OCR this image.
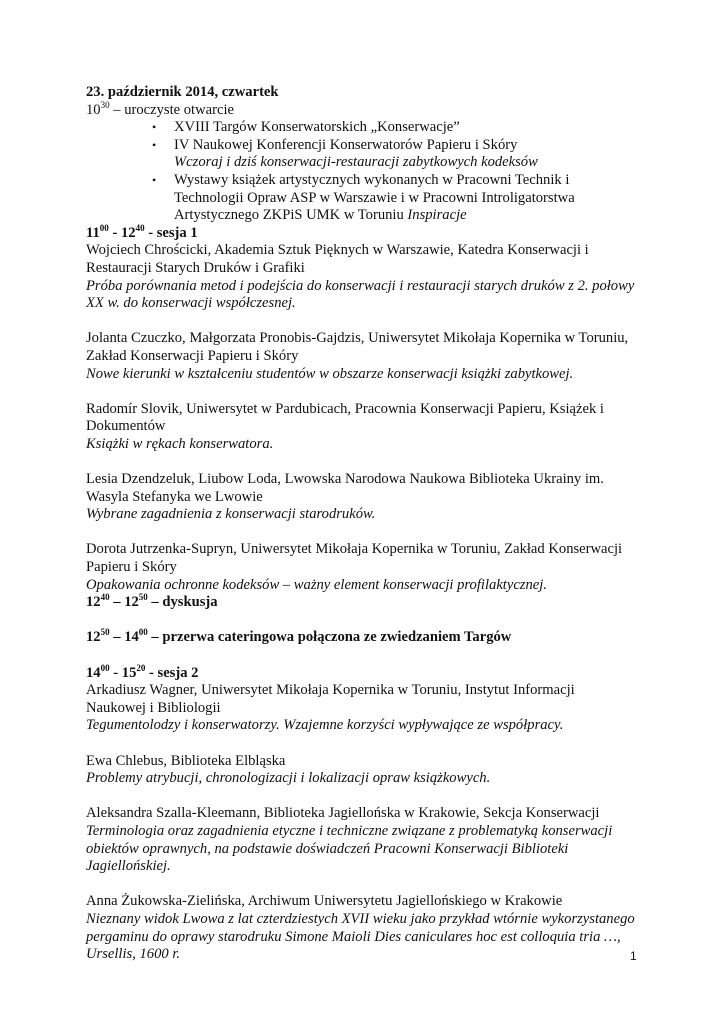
23. październik 2014, czwartek
$10^{30}$ – uroczyste otwarcie
• XVIII Targów Konserwatorskich „Konserwacje”
• IV Naukowej Konferencji Konserwatorów Papieru i Skóry
Wczoraj i dziś konserwacji-restauracji zabytkowych kodeksów
• Wystawy książek artystycznych wykonanych w Pracowni Technik i
Technologii Opraw ASP w Warszawie i w Pracowni Introligatorstwa
Artystycznego ZKPiS UMK w Toruniu Inspiracje
$11^{00} - 12^{40}$ - sesja 1
Wojciech Chrościcki, Akademia Sztuk Pięknych w Warszawie, Katedra Konserwacji i
Restauracji Starych Druków i Grafiki
Próba porównania metod i podejścia do konserwacji i restauracji starych druków z 2. połowy
XX w. do konserwacji współczesnej.
Jolanta Czuczko, Małgorzata Pronobis-Gajdzis, Uniwersytet Mikołaja Kopernika w Toruniu,
Zakład Konserwacji Papieru i Skóry
Nowe kierunki w kształceniu studentów w obszarze konserwacji książki zabytkowej.
Radomír Slovik, Uniwersytet w Pardubicach, Pracownia Konserwacji Papieru, Książek i
Dokumentów
Książki w rękach konserwatora.
Lesia Dzendzeluk, Liubow Loda, Lwowska Narodowa Naukowa Biblioteka Ukrainy im.
Wasyla Stefanyka we Lwowie
Wybrane zagadnienia z konserwacji starodruków.
Dorota Jutrzenka-Supryn, Uniwersytet Mikołaja Kopernika w Toruniu, Zakład Konserwacji
Papieru i Skóry
Opakowania ochronne kodeksów – ważny element konserwacji profilaktycznej.
$12^{40} - 12^{50}$ – dyskusja
$12^{50} - 14^{00}$ – przerwa cateringowa połączona ze zwiedzaniem Targów
$14^{00} - 15^{20}$ - sesja 2
Arkadiusz Wagner, Uniwersytet Mikołaja Kopernika w Toruniu, Instytut Informacji
Naukowej i Bibliologii
Tegumentolodzy i konserwatorzy. Wzajemne korzyści wypływające ze współpracy.
Ewa Chlebus, Biblioteka Elbląska
Problemy atrybucji, chronologizacji i lokalizacji opraw książkowych.
Aleksandra Szalla-Kleemann, Biblioteka Jagiellońska w Krakowie, Sekcja Konserwacji
Terminologia oraz zagadnienia etyczne i techniczne związane z problematyką konserwacji
obiektów oprawnych, na podstawie doświadczeń Pracowni Konserwacji Biblioteki
Jagiellońskiej.
Anna Żukowska-Zielińska, Archiwum Uniwersytetu Jagiellońskiego w Krakowie
Nieznany widok Lwowa z lat czterdziestych XVII wieku jako przykład wtórnie wykorzystanego
pergaminu do oprawy starodruku Simone Maioli Dies caniculares hoc est colloquia tria …,
Ursellis, 1600 r.	1
